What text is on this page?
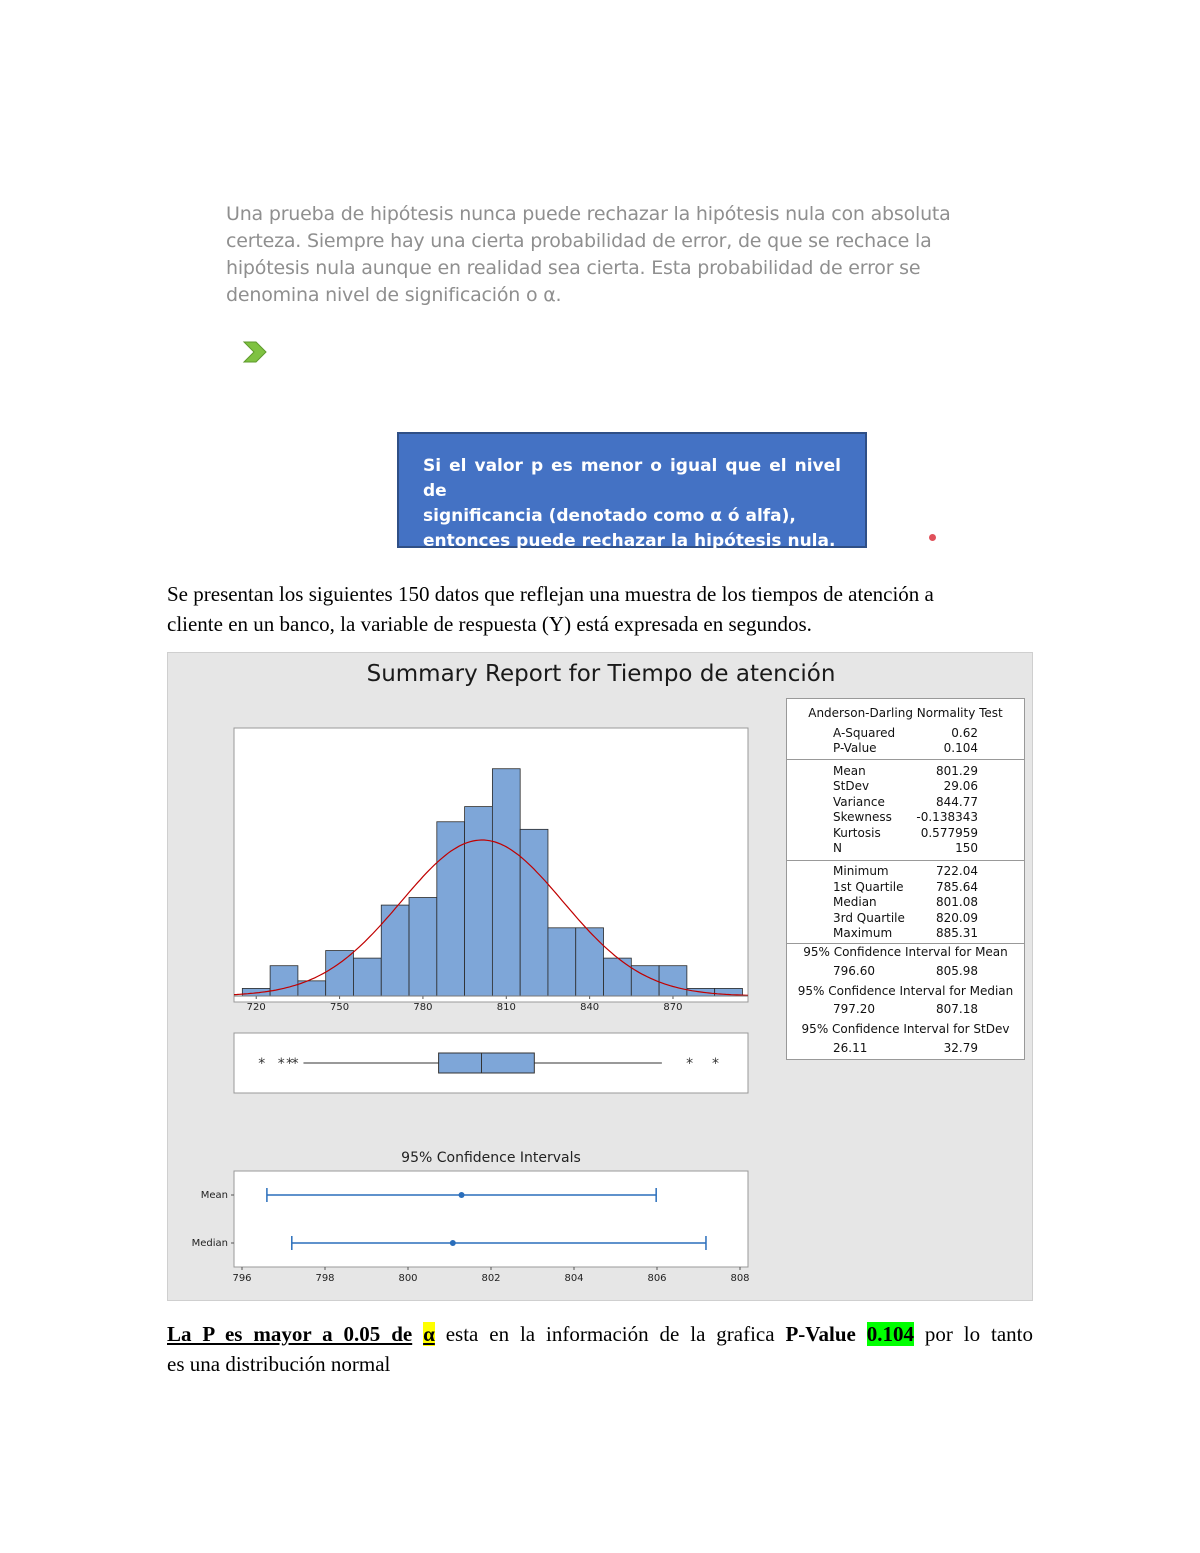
Una prueba de hipótesis nunca puede rechazar la hipótesis nula con absoluta
certeza. Siempre hay una cierta probabilidad de error, de que se rechace la
hipótesis nula aunque en realidad sea cierta. Esta probabilidad de error se
denomina nivel de significación o α.
Si el valor p es menor o igual que el nivel de
significancia (denotado como α ó alfa),
entonces puede rechazar la hipótesis nula.
Se presentan los siguientes 150 datos que reflejan una muestra de los tiempos de atención a
cliente en un banco, la variable de respuesta (Y) está expresada en segundos.
Summary Report for Tiempo de atención
720	750	780	810	840	870
* * *
*	* *
95% Confidence Intervals
Mean
Median
796	798	800	802	804	806	808
Anderson-Darling Normality Test
A-Squared	0.62
P-Value	0.104
Mean	801.29
StDev	29.06
Variance	844.77
Skewness -0.138343
Kurtosis	0.577959
N	150
Minimum	722.04
1st Quartile	785.64
Median	801.08
3rd Quartile	820.09
Maximum	885.31
95% Confidence Interval for Mean
796.60	805.98
95% Confidence Interval for Median
797.20	807.18
95% Confidence Interval for StDev
26.11	32.79
La P es mayor a 0.05 de α esta en la información de la grafica P-Value 0.104 por lo tanto
es una distribución normal
